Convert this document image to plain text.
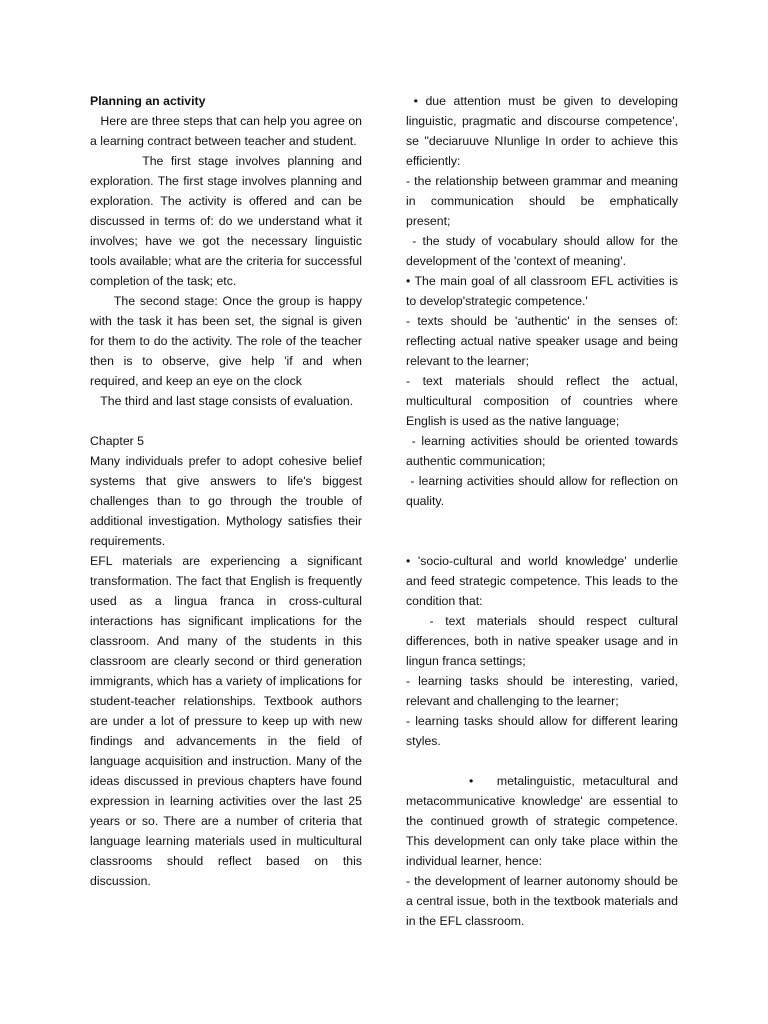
Planning an activity

Here are three steps that can help you agree on a learning contract between teacher and student.

The first stage involves planning and exploration. The first stage involves planning and exploration. The activity is offered and can be discussed in terms of: do we understand what it involves; have we got the necessary linguistic tools available; what are the criteria for successful completion of the task; etc.

The second stage: Once the group is happy with the task it has been set, the signal is given for them to do the activity. The role of the teacher then is to observe, give help 'if and when required, and keep an eye on the clock

The third and last stage consists of evaluation.

Chapter 5

Many individuals prefer to adopt cohesive belief systems that give answers to life's biggest challenges than to go through the trouble of additional investigation. Mythology satisfies their requirements.

EFL materials are experiencing a significant transformation. The fact that English is frequently used as a lingua franca in cross-cultural interactions has significant implications for the classroom. And many of the students in this classroom are clearly second or third generation immigrants, which has a variety of implications for student-teacher relationships. Textbook authors are under a lot of pressure to keep up with new findings and advancements in the field of language acquisition and instruction. Many of the ideas discussed in previous chapters have found expression in learning activities over the last 25 years or so. There are a number of criteria that language learning materials used in multicultural classrooms should reflect based on this discussion.

• due attention must be given to developing linguistic, pragmatic and discourse competence', se "deciaruuve NIunlige In order to achieve this efficiently:

- the relationship between grammar and meaning in communication should be emphatically present;

- the study of vocabulary should allow for the development of the 'context of meaning'.

• The main goal of all classroom EFL activities is to develop'strategic competence.'

- texts should be 'authentic' in the senses of: reflecting actual native speaker usage and being relevant to the learner;

- text materials should reflect the actual, multicultural composition of countries where English is used as the native language;

- learning activities should be oriented towards authentic communication;

- learning activities should allow for reflection on quality.

• 'socio-cultural and world knowledge' underlie and feed strategic competence. This leads to the condition that:

- text materials should respect cultural differences, both in native speaker usage and in lingun franca settings;

- learning tasks should be interesting, varied, relevant and challenging to the learner;

- learning tasks should allow for different learing styles.

•   metalinguistic, metacultural and metacommunicative knowledge' are essential to the continued growth of strategic competence. This development can only take place within the individual learner, hence:

- the development of learner autonomy should be a central issue, both in the textbook materials and in the EFL classroom.
